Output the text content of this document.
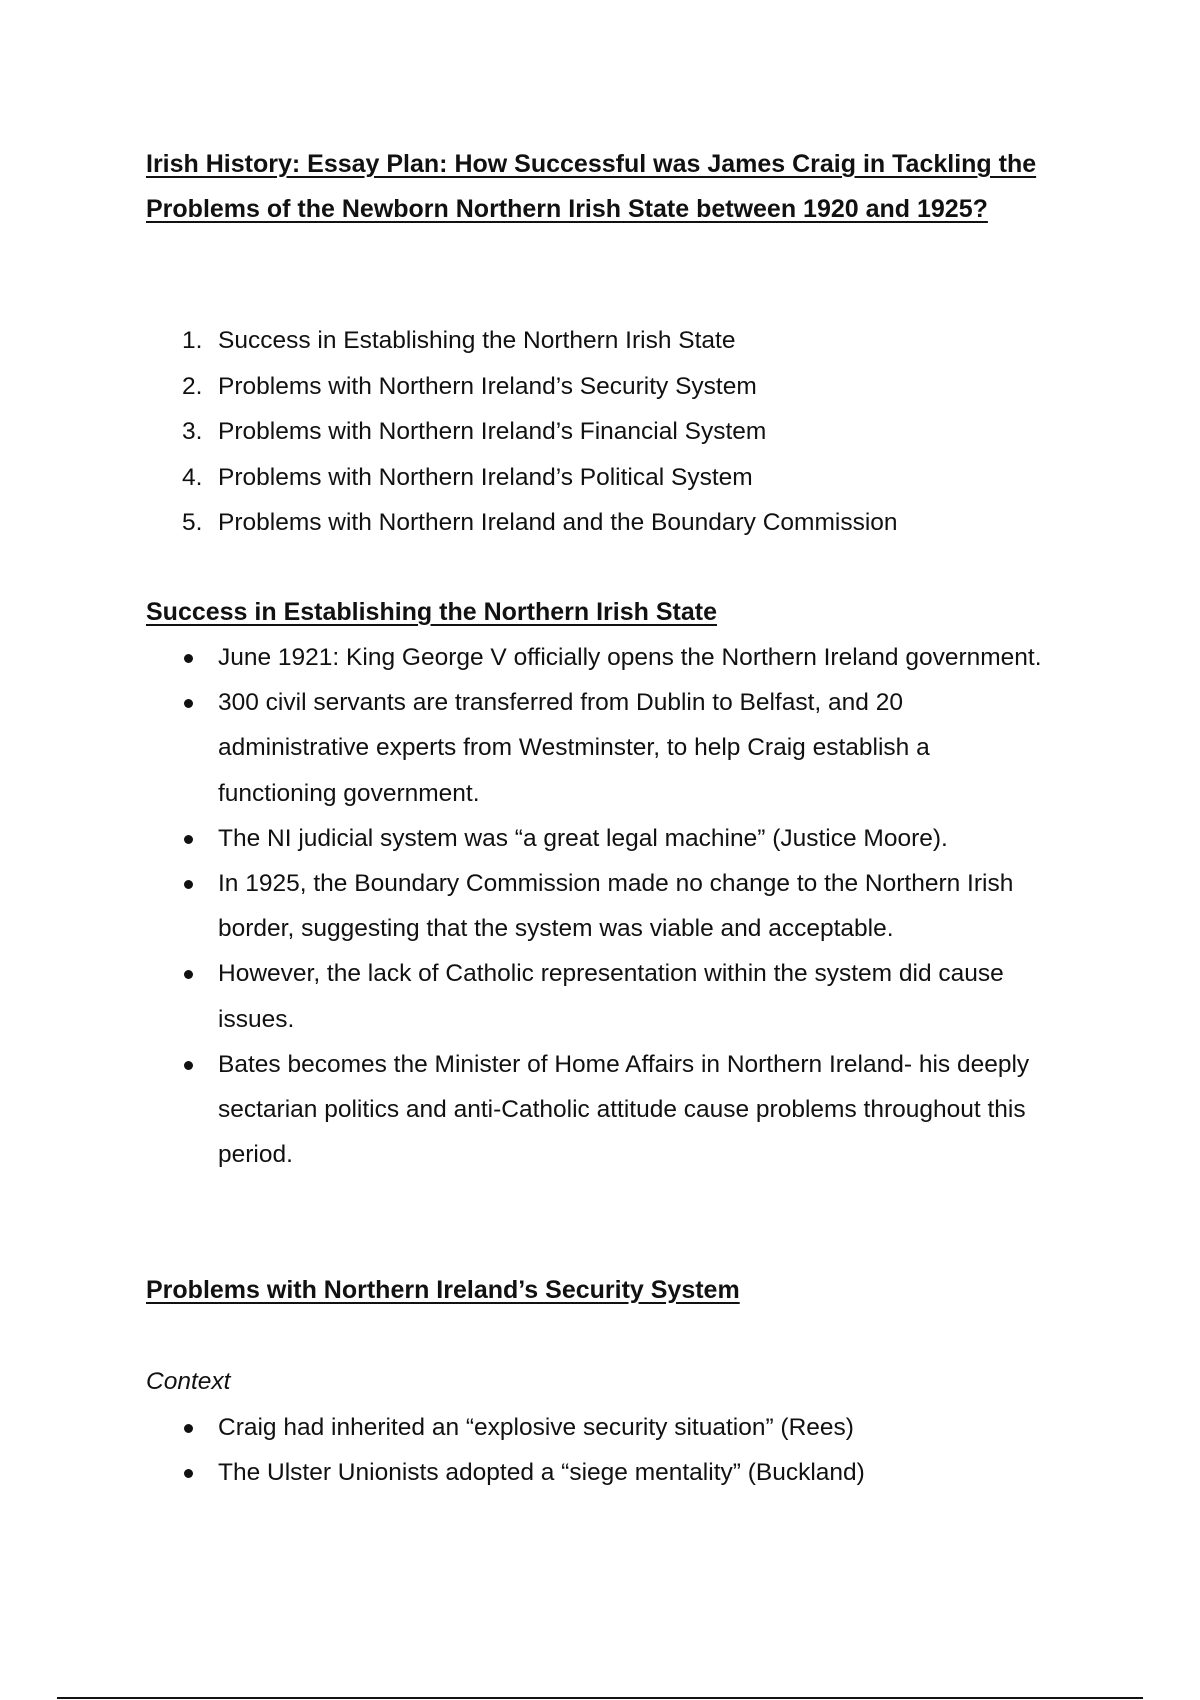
Irish History: Essay Plan: How Successful was James Craig in Tackling the Problems of the Newborn Northern Irish State between 1920 and 1925?
1. Success in Establishing the Northern Irish State
2. Problems with Northern Ireland’s Security System
3. Problems with Northern Ireland’s Financial System
4. Problems with Northern Ireland’s Political System
5. Problems with Northern Ireland and the Boundary Commission
Success in Establishing the Northern Irish State
June 1921: King George V officially opens the Northern Ireland government.
300 civil servants are transferred from Dublin to Belfast, and 20 administrative experts from Westminster, to help Craig establish a functioning government.
The NI judicial system was “a great legal machine” (Justice Moore).
In 1925, the Boundary Commission made no change to the Northern Irish border, suggesting that the system was viable and acceptable.
However, the lack of Catholic representation within the system did cause issues.
Bates becomes the Minister of Home Affairs in Northern Ireland- his deeply sectarian politics and anti-Catholic attitude cause problems throughout this period.
Problems with Northern Ireland’s Security System

Context

Craig had inherited an “explosive security situation” (Rees)
The Ulster Unionists adopted a “siege mentality” (Buckland)
